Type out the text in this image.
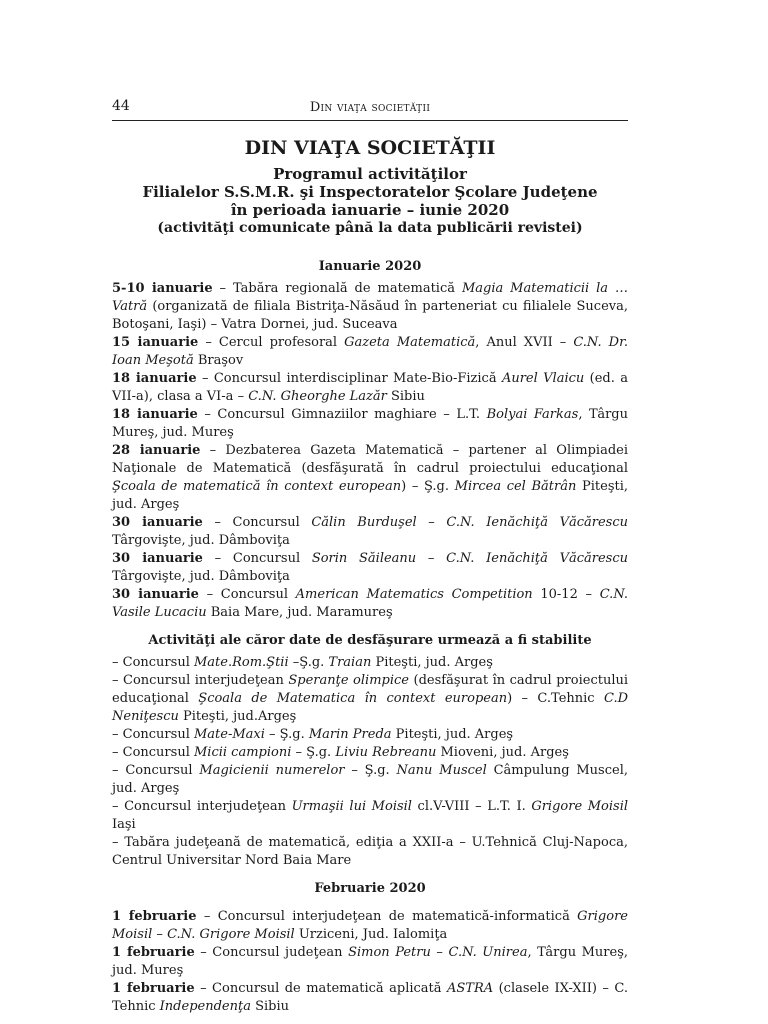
44	Din viaţa societăţii
DIN VIAŢA SOCIETĂŢII
Programul activităţilor
Filialelor S.S.M.R. şi Inspectoratelor Şcolare Judeţene
în perioada ianuarie – iunie 2020
(activităţi comunicate până la data publicării revistei)
Ianuarie 2020
5-10 ianuarie – Tabăra regională de matematică Magia Matematicii la … Vatră (organizată de filiala Bistriţa-Năsăud în parteneriat cu filialele Suceva, Botoşani, Iaşi) – Vatra Dornei, jud. Suceava
15 ianuarie – Cercul profesoral Gazeta Matematică, Anul XVII – C.N. Dr. Ioan Meşotă Braşov
18 ianuarie – Concursul interdisciplinar Mate-Bio-Fizică Aurel Vlaicu (ed. a VII-a), clasa a VI-a – C.N. Gheorghe Lazăr Sibiu
18 ianuarie – Concursul Gimnaziilor maghiare – L.T. Bolyai Farkas, Târgu Mureş, jud. Mureş
28 ianuarie – Dezbaterea Gazeta Matematică – partener al Olimpiadei Naţionale de Matematică (desfăşurată în cadrul proiectului educaţional Şcoala de matematică în context european) – Ş.g. Mircea cel Bătrân Piteşti, jud. Argeş
30 ianuarie – Concursul Călin Burduşel – C.N. Ienăchiţă Văcărescu Târgovişte, jud. Dâmboviţa
30 ianuarie – Concursul Sorin Săileanu – C.N. Ienăchiţă Văcărescu Târgovişte, jud. Dâmboviţa
30 ianuarie – Concursul American Matematics Competition 10-12 – C.N. Vasile Lucaciu Baia Mare, jud. Maramureş
Activităţi ale căror date de desfăşurare urmează a fi stabilite
– Concursul Mate.Rom.Ştii –Ş.g. Traian Piteşti, jud. Argeş
– Concursul interjudeţean Speranţe olimpice (desfăşurat în cadrul proiectului educaţional Şcoala de Matematica în context european) – C.Tehnic C.D Neniţescu Piteşti, jud.Argeş
– Concursul Mate-Maxi – Ş.g. Marin Preda Piteşti, jud. Argeş
– Concursul Micii campioni – Ş.g. Liviu Rebreanu Mioveni, jud. Argeş
– Concursul Magicienii numerelor – Ş.g. Nanu Muscel Câmpulung Muscel, jud. Argeş
– Concursul interjudeţean Urmaşii lui Moisil cl.V-VIII – L.T. I. Grigore Moisil Iaşi
– Tabăra judeţeană de matematică, ediţia a XXII-a – U.Tehnică Cluj-Napoca, Centrul Universitar Nord Baia Mare
Februarie 2020
1 februarie – Concursul interjudeţean de matematică-informatică Grigore Moisil – C.N. Grigore Moisil Urziceni, Jud. Ialomiţa
1 februarie – Concursul judeţean Simon Petru – C.N. Unirea, Târgu Mureş, jud. Mureş
1 februarie – Concursul de matematică aplicată ASTRA (clasele IX-XII) – C. Tehnic Independenţa Sibiu
